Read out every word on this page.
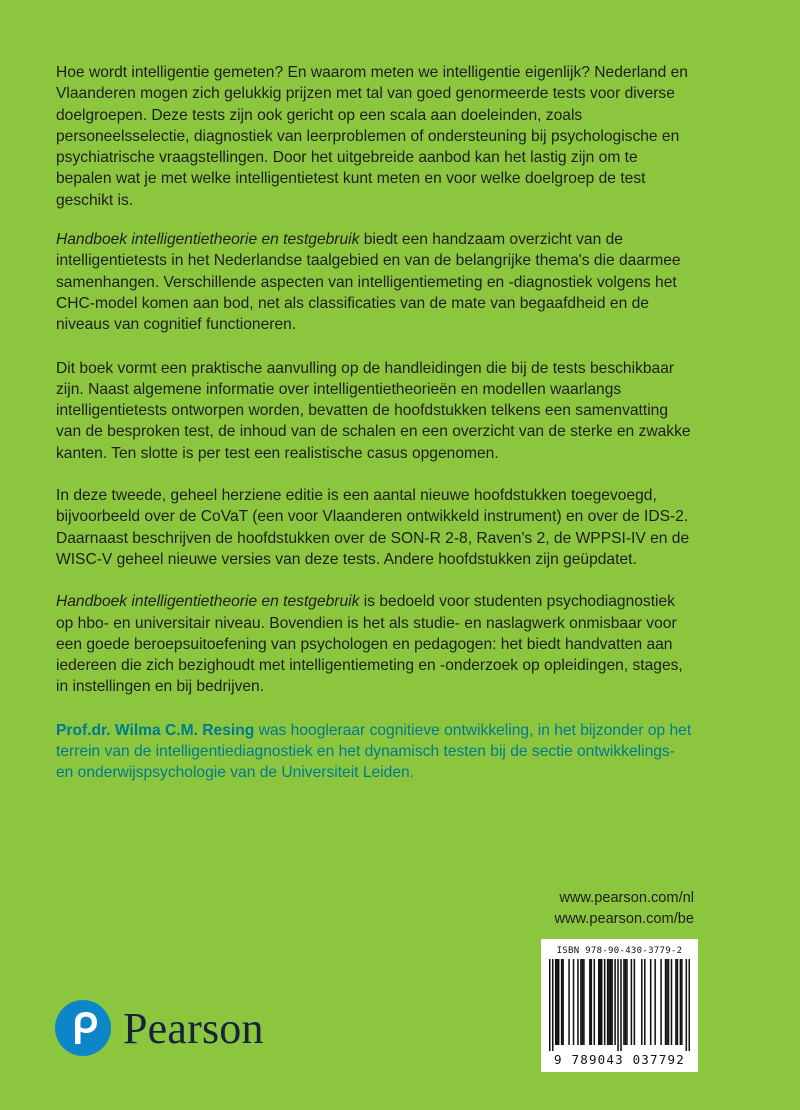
Hoe wordt intelligentie gemeten? En waarom meten we intelligentie eigenlijk? Nederland en Vlaanderen mogen zich gelukkig prijzen met tal van goed genormeerde tests voor diverse doelgroepen. Deze tests zijn ook gericht op een scala aan doeleinden, zoals personeelsselectie, diagnostiek van leerproblemen of ondersteuning bij psychologische en psychiatrische vraagstellingen. Door het uitgebreide aanbod kan het lastig zijn om te bepalen wat je met welke intelligentietest kunt meten en voor welke doelgroep de test geschikt is.

Handboek intelligentietheorie en testgebruik biedt een handzaam overzicht van de intelligentietests in het Nederlandse taalgebied en van de belangrijke thema's die daarmee samenhangen. Verschillende aspecten van intelligentiemeting en -diagnostiek volgens het CHC-model komen aan bod, net als classificaties van de mate van begaafdheid en de niveaus van cognitief functioneren.

Dit boek vormt een praktische aanvulling op de handleidingen die bij de tests beschikbaar zijn. Naast algemene informatie over intelligentietheorieën en modellen waarlangs intelligentietests ontworpen worden, bevatten de hoofdstukken telkens een samenvatting van de besproken test, de inhoud van de schalen en een overzicht van de sterke en zwakke kanten. Ten slotte is per test een realistische casus opgenomen.

In deze tweede, geheel herziene editie is een aantal nieuwe hoofdstukken toegevoegd, bijvoorbeeld over de CoVaT (een voor Vlaanderen ontwikkeld instrument) en over de IDS-2. Daarnaast beschrijven de hoofdstukken over de SON-R 2-8, Raven's 2, de WPPSI-IV en de WISC-V geheel nieuwe versies van deze tests. Andere hoofdstukken zijn geüpdatet.

Handboek intelligentietheorie en testgebruik is bedoeld voor studenten psychodiagnostiek op hbo- en universitair niveau. Bovendien is het als studie- en naslagwerk onmisbaar voor een goede beroepsuitoefening van psychologen en pedagogen: het biedt handvatten aan iedereen die zich bezighoudt met intelligentiemeting en -onderzoek op opleidingen, stages, in instellingen en bij bedrijven.

Prof.dr. Wilma C.M. Resing was hoogleraar cognitieve ontwikkeling, in het bijzonder op het terrein van de intelligentiediagnostiek en het dynamisch testen bij de sectie ontwikkelings- en onderwijspsychologie van de Universiteit Leiden.

www.pearson.com/nl
www.pearson.com/be
Pearson
ISBN 978-90-430-3779-2
9 789043 037792
